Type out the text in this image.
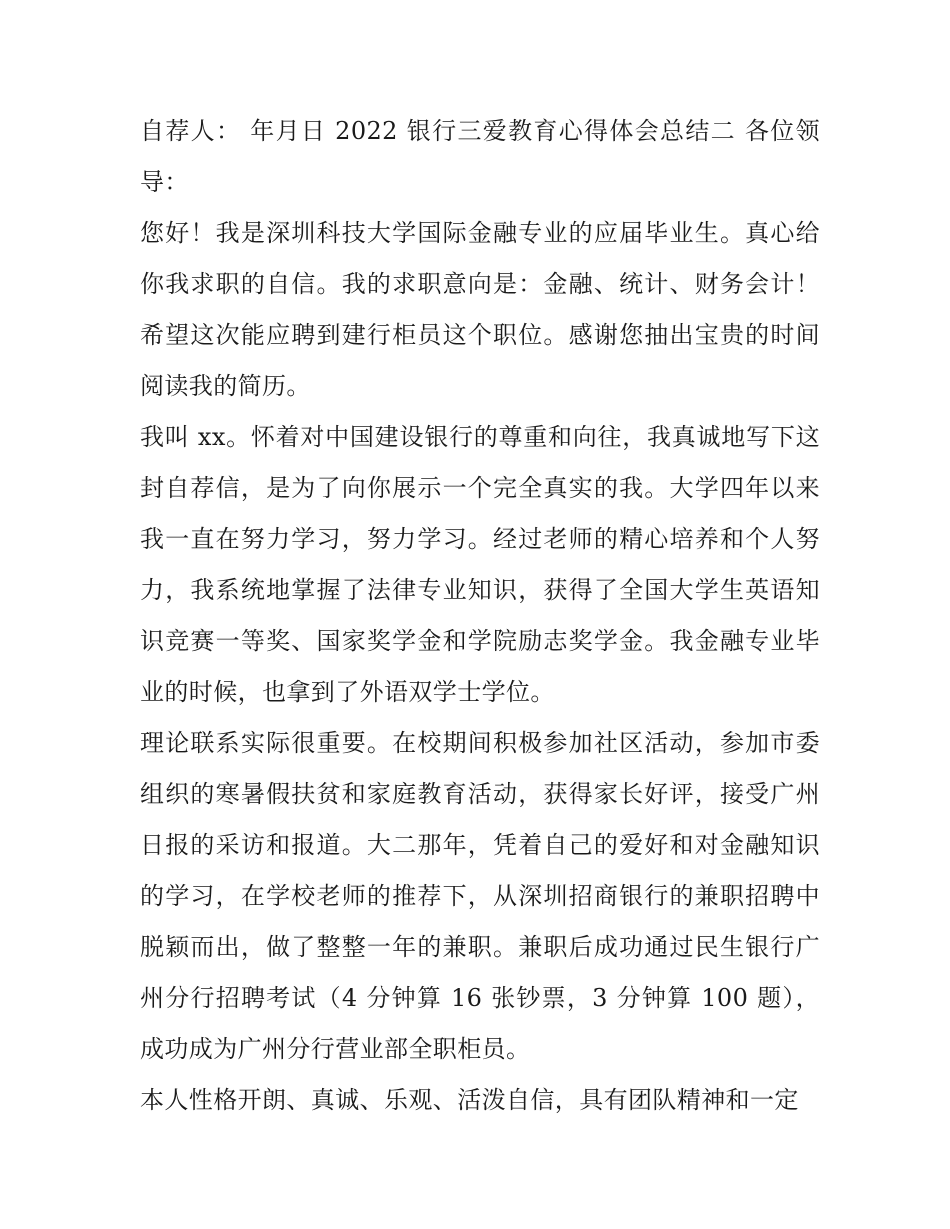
自荐人： 年月日 2022 银行三爱教育心得体会总结二 各位领导：

您好！我是深圳科技大学国际金融专业的应届毕业生。真心给你我求职的自信。我的求职意向是：金融、统计、财务会计！希望这次能应聘到建行柜员这个职位。感谢您抽出宝贵的时间阅读我的简历。

我叫 xx。怀着对中国建设银行的尊重和向往，我真诚地写下这封自荐信，是为了向你展示一个完全真实的我。大学四年以来我一直在努力学习，努力学习。经过老师的精心培养和个人努力，我系统地掌握了法律专业知识，获得了全国大学生英语知识竞赛一等奖、国家奖学金和学院励志奖学金。我金融专业毕业的时候，也拿到了外语双学士学位。

理论联系实际很重要。在校期间积极参加社区活动，参加市委组织的寒暑假扶贫和家庭教育活动，获得家长好评，接受广州日报的采访和报道。大二那年，凭着自己的爱好和对金融知识的学习，在学校老师的推荐下，从深圳招商银行的兼职招聘中脱颖而出，做了整整一年的兼职。兼职后成功通过民生银行广州分行招聘考试（4 分钟算 16 张钞票，3 分钟算 100 题），成功成为广州分行营业部全职柜员。

本人性格开朗、真诚、乐观、活泼自信，具有团队精神和一定
